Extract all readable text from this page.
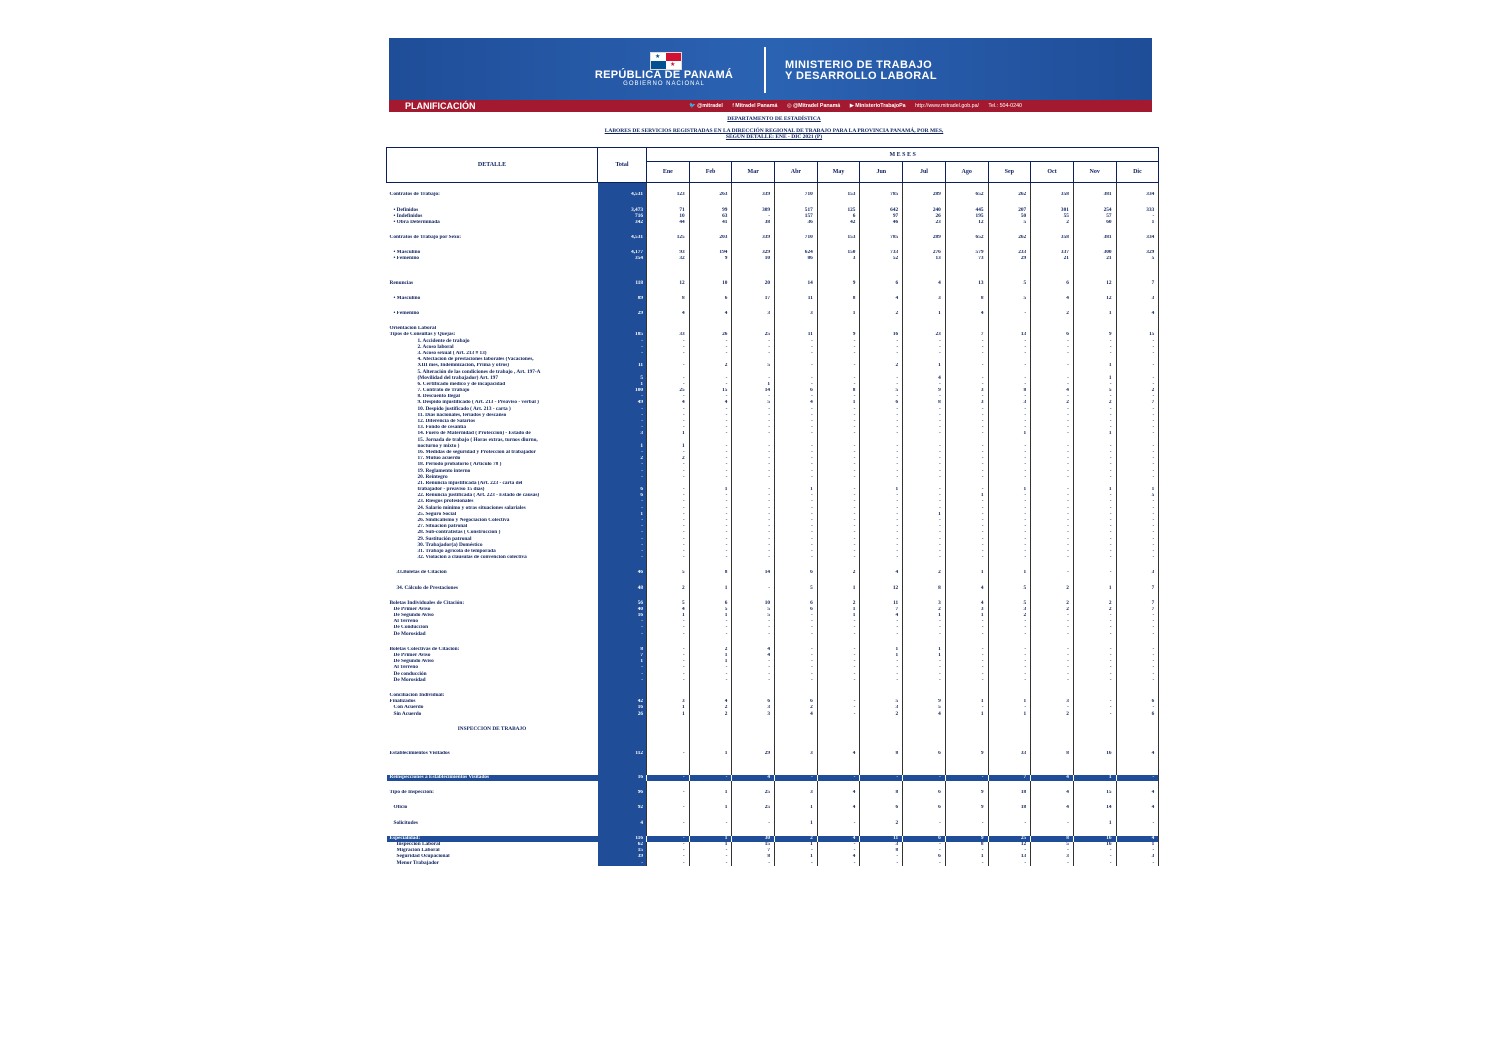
★
★
REPÚBLICA DE PANAMÁ
GOBIERNO NACIONAL
MINISTERIO DE TRABAJO
Y DESARROLLO LABORAL
PLANIFICACIÓN	🐦 @mitradel f Mitradel Panamá ◎ @Mitradel Panamá ▶ MinisterioTrabajoPa http://www.mitradel.gob.pa/ Tel.: 504-0240
DEPARTAMENTO DE ESTADÍSTICA
LABORES DE SERVICIOS REGISTRADAS EN LA DIRECCIÓN REGIONAL DE TRABAJO PARA LA PROVINCIA PANAMÁ, POR MES,
SEGÚN DETALLE: ENE - DIC 2021 (P)
DETALLE	Total	M E S E S											
		Ene	Feb	Mar	Abr	May	Jun	Jul	Ago	Sep	Oct	Nov	Dic

Contratos de Trabajo:	4,531	123	263	339	710	153	785	289	652	262	358	381	334

• Definidos	3,473	71	99	309	517	125	642	240	445	207	301	254	333
• Indefinidos	716	10	63	-	157	6	97	26	195	50	55	57	-
• Obra Determinada	342	44	41	38	36	42	46	23	12	5	2	60	1

Contratos de Trabajo por Sexo:	4,531	125	203	339	710	153	785	289	652	262	358	381	334

• Masculino	4,177	93	194	329	624	150	733	276	579	233	337	300	329
• Femenino	354	32	9	10	86	3	52	13	73	29	21	21	5

Renuncias	118	12	10	20	14	9	6	4	13	5	6	12	7

• Masculino	89	8	6	17	11	8	4	3	8	5	4	12	3

• Femenino	29	4	4	3	3	1	2	1	4	-	2	1	4

Orientación Laboral													
Tipos de Consultas y Quejas:	185	33	26	25	11	9	16	23	7	13	6	9	15
1. Accidente de trabajo	-	-	-	-	-	-	-	-	-	-	-	-	-
2. Acoso laboral	-	-	-	-	-	-	-	-	-	-	-	-	-
3. Acoso sexual ( Art. 213 # 13)	-	-	-	-	-	-	-	-	-	-	-	-	-
4. Afectación de prestaciones laborales (Vacaciones,													
XIII mes, Indemnización, Prima y otros)	11	-	2	5	-	-	2	1	-	-	-	1	-
5. Alteración de las condiciones de trabajo , Art. 197-A													
(Movilidad del trabajador) Art. 197	5	-	-	-	-	-	-	4	-	-	-	1	-
6. Certificado médico y de incapacidad	1	-	-	1	-	-	-	-	-	-	-	-	-
7. Contrato de Trabajo	100	25	15	14	6	8	5	9	3	8	4	5	2
8. Descuento Ilegal	-	-	-	-	-	-	-	-	-	-	-	-	-
9. Despido injustificado ( Art. 213 - Preaviso - verbal )	49	4	4	5	4	1	6	8	3	3	2	2	7
10. Despido justificado ( Art. 213 - carta )	-	-	-	-	-	-	-	-	-	-	-	-	-
11. Días nacionales, feriados y descanso	-	-	-	-	-	-	-	-	-	-	-	-	-
12. Diferencia de Salarios	-	-	-	-	-	-	-	-	-	-	-	-	-
13. Fondo de cesantía	-	-	-	-	-	-	-	-	-	-	-	-	-
14. Fuero de Maternidad ( Protección) - Estado de	3	1	-	-	-	-	-	-	-	1	-	1	-
15. Jornada de trabajo ( Horas extras, turnos diurno,													
nocturno y mixto )	1	1	-	-	-	-	-	-	-	-	-	-	-
16. Medidas de seguridad y Protección al trabajador	-	-	-	-	-	-	-	-	-	-	-	-	-
17. Mutuo acuerdo	2	2	-	-	-	-	-	-	-	-	-	-	-
18. Periodo probatorio ( Artículo 78 )	-	-	-	-	-	-	-	-	-	-	-	-	-
19. Reglamento interno	-	-	-	-	-	-	-	-	-	-	-	-	-
20. Reintegro	-	-	-	-	-	-	-	-	-	-	-	-	-
21. Renuncia injustificada (Art. 223 - carta del													
trabajador - preaviso 15 días)	6	-	1	-	1	-	1	-	-	1	-	1	1
22. Renuncia justificada ( Art. 223 - Estado de causas)	6	-	-	-	-	-	-	-	1	-	-	-	5
23. Riesgos profesionales	-	-	-	-	-	-	-	-	-	-	-	-	-
24. Salario mínimo y otras situaciones salariales	-	-	-	-	-	-	-	-	-	-	-	-	-
25. Seguro Social	1	-	-	-	-	-	-	1	-	-	-	-	-
26. Sindicalismo y Negociación Colectiva	-	-	-	-	-	-	-	-	-	-	-	-	-
27. Situación patronal	-	-	-	-	-	-	-	-	-	-	-	-	-
28. Sub-contratistas ( Construcción )	-	-	-	-	-	-	-	-	-	-	-	-	-
29. Sustitución patronal	-	-	-	-	-	-	-	-	-	-	-	-	-
30. Trabajador(a) Doméstico	-	-	-	-	-	-	-	-	-	-	-	-	-
31. Trabajo agrícola de temporada	-	-	-	-	-	-	-	-	-	-	-	-	-
32. Violación a cláusulas de convención colectiva	-	-	-	-	-	-	-	-	-	-	-	-	-

33.Boletas de Citación	46	5	8	14	6	2	4	2	1	1	-	-	3

34. Cálculo de Prestaciones	48	2	1	-	5	1	12	8	4	5	2	1	7

Boletas Individuales de Citación:	56	5	6	10	6	2	11	3	4	5	2	2	7
De Primer Aviso	40	4	5	5	6	1	7	2	3	3	2	2	7
De Segundo Aviso	16	1	1	5	-	1	4	1	1	2	-	-	-
Al Terreno	-	-	-	-	-	-	-	-	-	-	-	-	-
De Conducción	-	-	-	-	-	-	-	-	-	-	-	-	-
De Morosidad	-	-	-	-	-	-	-	-	-	-	-	-	-

Boletas Colectivas de Citación:	8	-	2	4	-	-	1	1	-	-	-	-	-
De Primer Aviso	7	-	1	4	-	-	1	1	-	-	-	-	-
De Segundo Aviso	1	-	1	-	-	-	-	-	-	-	-	-	-
Al Terreno	-	-	-	-	-	-	-	-	-	-	-	-	-
De conducción	-	-	-	-	-	-	-	-	-	-	-	-	-
De Morosidad	-	-	-	-	-	-	-	-	-	-	-	-	-

Conciliación Individual:													
Finalizados	42	3	4	6	6	-	5	9	1	1	3	-	6
Con Acuerdo	16	1	2	3	2	-	3	5	-	-	-	-	-
Sin Acuerdo	26	1	2	3	4	-	2	4	1	1	2	-	6

INSPECCIÓN DE TRABAJO													

Establecimientos Visitados	112	-	1	29	3	4	8	6	9	33	8	16	4

Reinspecciones a Establecimientos Visitados	16	-	-	4	-	-	-	-	-	7	4	1	-

Tipo de Inspección:	96	-	1	25	3	4	8	6	9	18	4	15	4

Oficio	92	-	1	25	1	4	6	6	9	18	4	14	4

Solicitudes	4	-	-	-	1	-	2	-	-	-	-	1	-

Especialidad:	116	-	1	30	2	4	11	6	9	25	8	16	4
Inspección Laboral	62	-	1	15	1	-	3	-	8	12	5	16	1
Migración Laboral	15	-	-	7	-	-	8	-	-	-	-	-	-
Seguridad Ocupacional	39	-	-	8	1	4	-	6	1	13	3	-	3
Menor Trabajador	-	-	-	-	-	-	-	-	-	-	-	-	-
